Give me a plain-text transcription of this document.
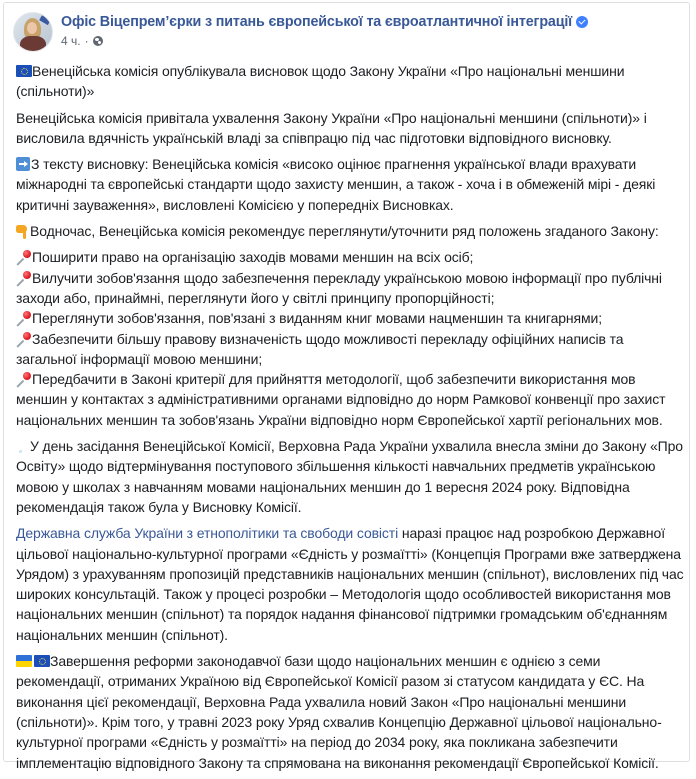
Офіс Віцепрем’єрки з питань європейської та євроатлантичної інтеграції
4 ч. ·

Венеційська комісія опублікувала висновок щодо Закону України «Про національні меншини (спільноти)»

Венеційська комісія привітала ухвалення Закону України «Про національні меншини (спільноти)» і висловила вдячність українській владі за співпрацю під час підготовки відповідного висновку.

З тексту висновку: Венеційська комісія «високо оцінює прагнення української влади врахувати міжнародні та європейські стандарти щодо захисту меншин, а також - хоча і в обмеженій мірі - деякі критичні зауваження», висловлені Комісією у попередніх Висновках.

Водночас, Венеційська комісія рекомендує переглянути/уточнити ряд положень згаданого Закону:

Поширити право на організацію заходів мовами меншин на всіх осіб;
Вилучити зобов'язання щодо забезпечення перекладу українською мовою інформації про публічні заходи або, принаймні, переглянути його у світлі принципу пропорційності;
Переглянути зобов'язання, пов'язані з виданням книг мовами нацменшин та книгарнями;
Забезпечити більшу правову визначеність щодо можливості перекладу офіційних написів та загальної інформації мовою меншини;
Передбачити в Законі критерії для прийняття методології, щоб забезпечити використання мов меншин у контактах з адміністративними органами відповідно до норм Рамкової конвенції про захист національних меншин та зобов'язань України відповідно норм Європейської хартії регіональних мов.

У день засідання Венеційської Комісії, Верховна Рада України ухвалила внесла зміни до Закону «Про Освіту» щодо відтермінування поступового збільшення кількості навчальних предметів українською мовою у школах з навчанням мовами національних меншин до 1 вересня 2024 року. Відповідна рекомендація також була у Висновку Комісії.

Державна служба України з етнополітики та свободи совісті наразі працює над розробкою Державної цільової національно-культурної програми «Єдність у розмаїтті» (Концепція Програми вже затверджена Урядом) з урахуванням пропозицій представників національних меншин (спільнот), висловлених під час широких консультацій. Також у процесі розробки – Методологія щодо особливостей використання мов національних меншин (спільнот) та порядок надання фінансової підтримки громадським об'єднанням національних меншин (спільнот).

Завершення реформи законодавчої бази щодо національних меншин є однією з семи рекомендації, отриманих Україною від Європейської Комісії разом зі статусом кандидата у ЄС. На виконання цієї рекомендації, Верховна Рада ухвалила новий Закон «Про національні меншини (спільноти)». Крім того, у травні 2023 року Уряд схвалив Концепцію Державної цільової національно-культурної програми «Єдність у розмаїтті» на період до 2034 року, яка покликана забезпечити імплементацію відповідного Закону та спрямована на виконання рекомендації Європейської Комісії.
